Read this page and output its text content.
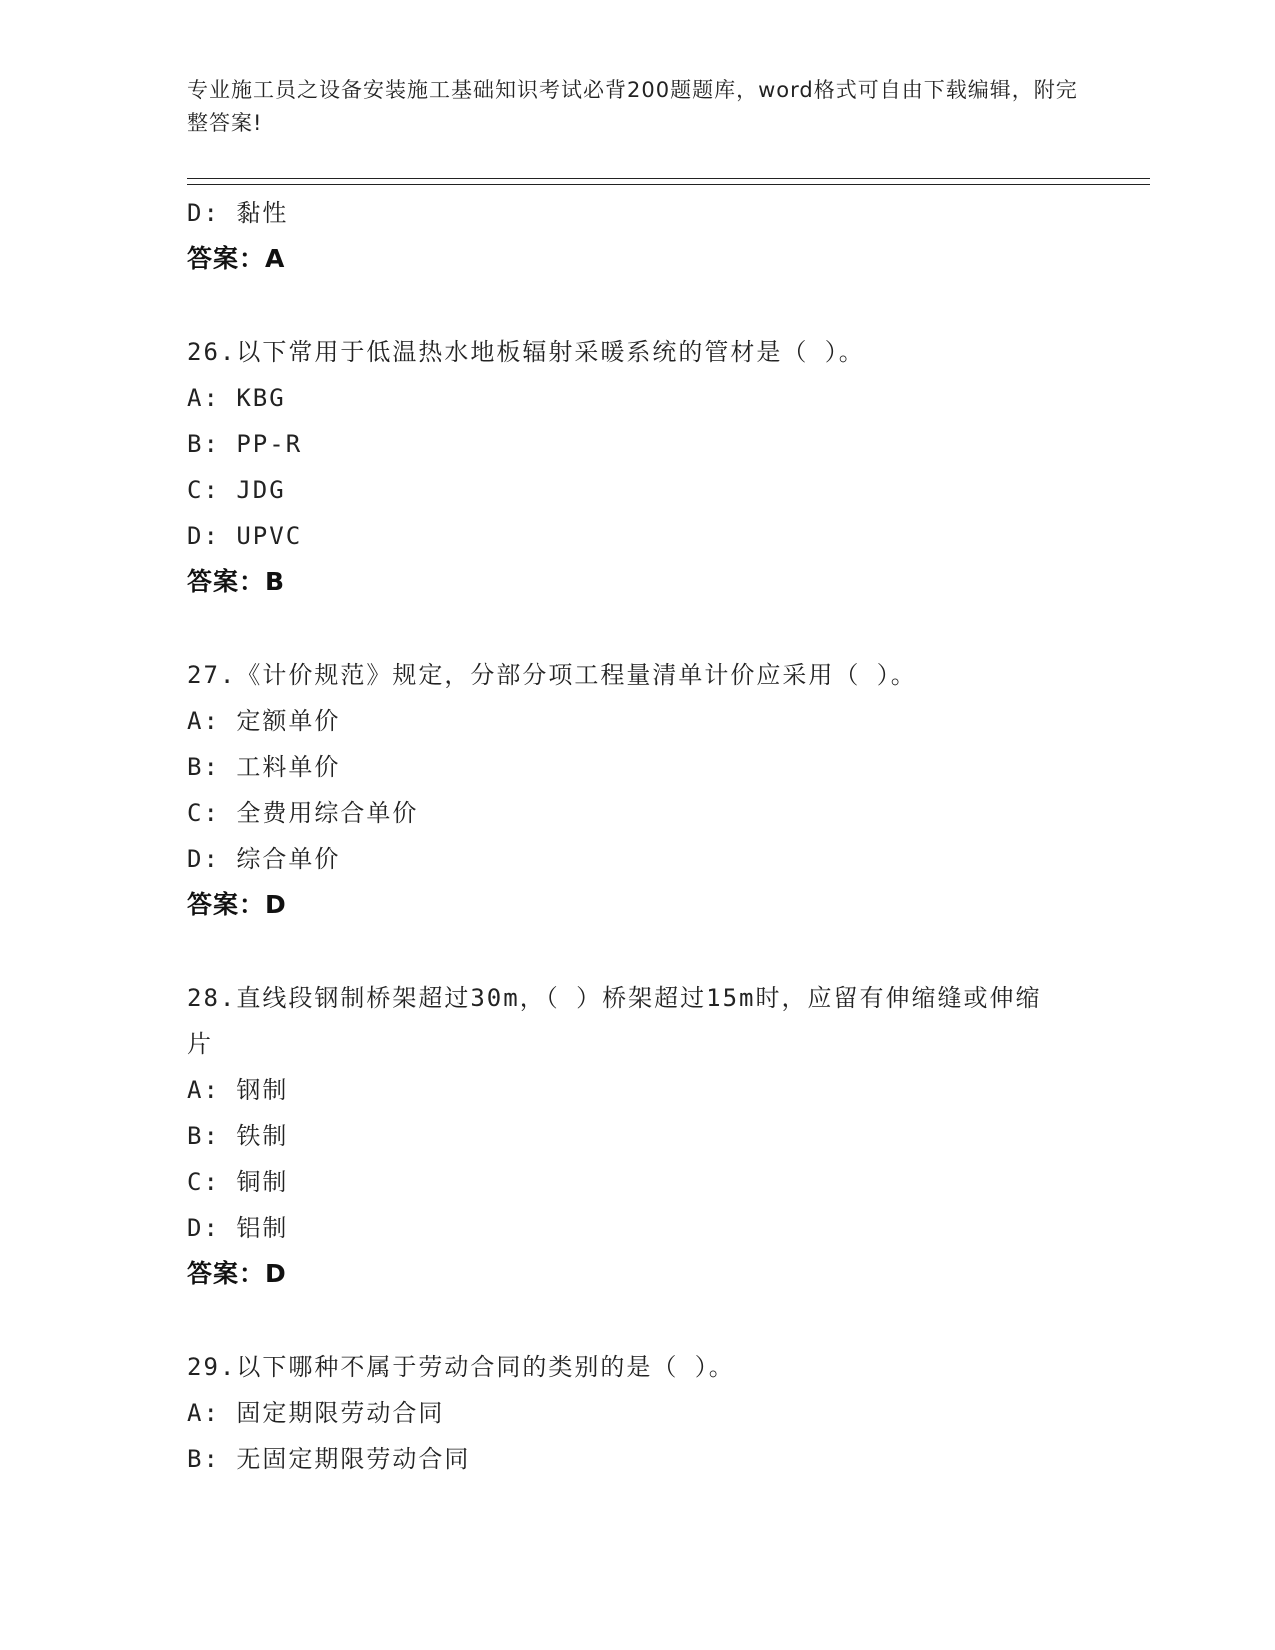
专业施工员之设备安装施工基础知识考试必背200题题库，word格式可自由下载编辑，附完整答案!
D: 黏性
答案：A
26.以下常用于低温热水地板辐射采暖系统的管材是（ ）。
A: KBG
B: PP-R
C: JDG
D: UPVC
答案：B
27.《计价规范》规定，分部分项工程量清单计价应采用（ ）。
A: 定额单价
B: 工料单价
C: 全费用综合单价
D: 综合单价
答案：D
28.直线段钢制桥架超过30m，（ ）桥架超过15m时，应留有伸缩缝或伸缩片
A: 钢制
B: 铁制
C: 铜制
D: 铝制
答案：D
29.以下哪种不属于劳动合同的类别的是（ ）。
A: 固定期限劳动合同
B: 无固定期限劳动合同
